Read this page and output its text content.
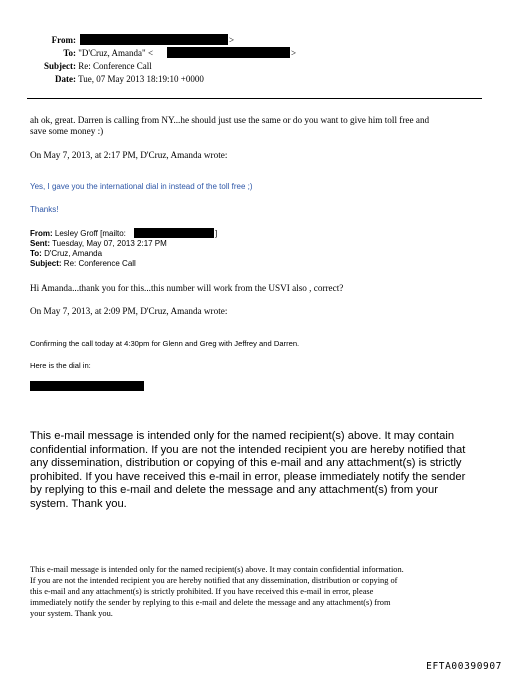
From:	>
To: "D'Cruz, Amanda" <	>
Subject: Re: Conference Call
Date: Tue, 07 May 2013 18:19:10 +0000
ah ok, great. Darren is calling from NY...he should just use the same or do you want to give him toll free and
save some money :)
On May 7, 2013, at 2:17 PM, D'Cruz, Amanda wrote:
Yes, I gave you the international dial in instead of the toll free ;)
Thanks!
From: Lesley Groff [mailto:
Sent: Tuesday, May 07, 2013 2:17 PM
To: D'Cruz, Amanda
Subject: Re: Conference Call
]
Hi Amanda...thank you for this...this number will work from the USVI also , correct?
On May 7, 2013, at 2:09 PM, D'Cruz, Amanda wrote:
Confirming the call today at 4:30pm for Glenn and Greg with Jeffrey and Darren.
Here is the dial in:
This e-mail message is intended only for the named recipient(s) above. It may contain
confidential information. If you are not the intended recipient you are hereby notified that
any dissemination, distribution or copying of this e-mail and any attachment(s) is strictly
prohibited. If you have received this e-mail in error, please immediately notify the sender
by replying to this e-mail and delete the message and any attachment(s) from your
system. Thank you.
This e-mail message is intended only for the named recipient(s) above. It may contain confidential information.
If you are not the intended recipient you are hereby notified that any dissemination, distribution or copying of
this e-mail and any attachment(s) is strictly prohibited. If you have received this e-mail in error, please
immediately notify the sender by replying to this e-mail and delete the message and any attachment(s) from
your system. Thank you.
EFTA00390907
